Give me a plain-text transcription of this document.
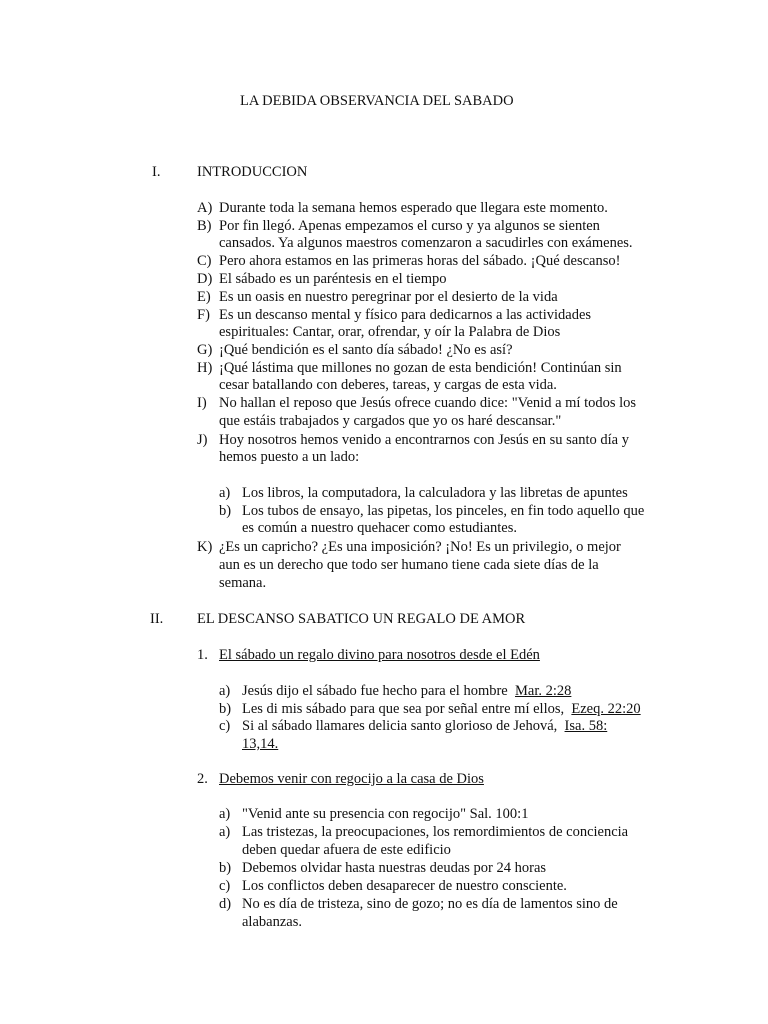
LA DEBIDA OBSERVANCIA DEL SABADO
I.	INTRODUCCION
A) Durante toda la semana hemos esperado que llegara este momento.
B) Por fin llegó. Apenas empezamos el curso y ya algunos se sienten
cansados. Ya algunos maestros comenzaron a sacudirles con exámenes.
C) Pero ahora estamos en las primeras horas del sábado. ¡Qué descanso!
D) El sábado es un paréntesis en el tiempo
E) Es un oasis en nuestro peregrinar por el desierto de la vida
F) Es un descanso mental y físico para dedicarnos a las actividades
espirituales: Cantar, orar, ofrendar, y oír la Palabra de Dios
G) ¡Qué bendición es el santo día sábado! ¿No es así?
H) ¡Qué lástima que millones no gozan de esta bendición! Continúan sin
cesar batallando con deberes, tareas, y cargas de esta vida.
I) No hallan el reposo que Jesús ofrece cuando dice: "Venid a mí todos los
que estáis trabajados y cargados que yo os haré descansar."
J) Hoy nosotros hemos venido a encontrarnos con Jesús en su santo día y
hemos puesto a un lado:
a) Los libros, la computadora, la calculadora y las libretas de apuntes
b) Los tubos de ensayo, las pipetas, los pinceles, en fin todo aquello que
es común a nuestro quehacer como estudiantes.
K) ¿Es un capricho? ¿Es una imposición? ¡No! Es un privilegio, o mejor
aun es un derecho que todo ser humano tiene cada siete días de la
semana.
II. EL DESCANSO SABATICO UN REGALO DE AMOR
1. El sábado un regalo divino para nosotros desde el Edén
a) Jesús dijo el sábado fue hecho para el hombre  Mar. 2:28
b) Les di mis sábado para que sea por señal entre mí ellos,  Ezeq. 22:20
c) Si al sábado llamares delicia santo glorioso de Jehová,  Isa. 58:
13,14.
2. Debemos venir con regocijo a la casa de Dios
a) "Venid ante su presencia con regocijo" Sal. 100:1
a) Las tristezas, la preocupaciones, los remordimientos de conciencia
deben quedar afuera de este edificio
b) Debemos olvidar hasta nuestras deudas por 24 horas
c) Los conflictos deben desaparecer de nuestro consciente.
d) No es día de tristeza, sino de gozo; no es día de lamentos sino de
alabanzas.
